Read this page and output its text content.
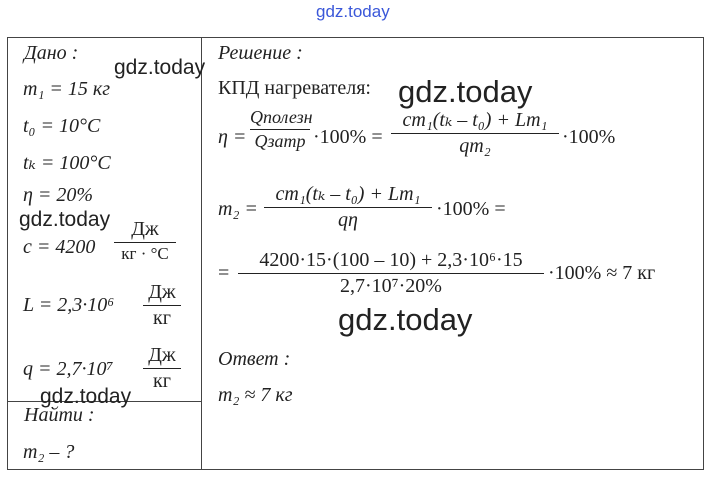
gdz.today
Дано :
m₁ = 15 кг
t₀ = 10°C
tₖ = 100°C
η = 20%
c = 4200
Дж
кг · °C
L = 2,3·10⁶
Дж
кг
q = 2,7·10⁷
Дж
кг
Найти :
m₂ – ?
Решение :
КПД нагревателя:
η =
Qполезн
Qзатр ·100% =
cm₁(tₖ – t₀) + Lm₁
qm₂	·100%
m₂ =
cm₁(tₖ – t₀) + Lm₁
qη	·100% =
=
4200·15·(100 – 10) + 2,3·10⁶·15
2,7·10⁷·20%
·100% ≈ 7 кг
Ответ :
m₂ ≈ 7 кг
gdz.today
gdz.today
gdz.today
gdz.today
gdz.today
